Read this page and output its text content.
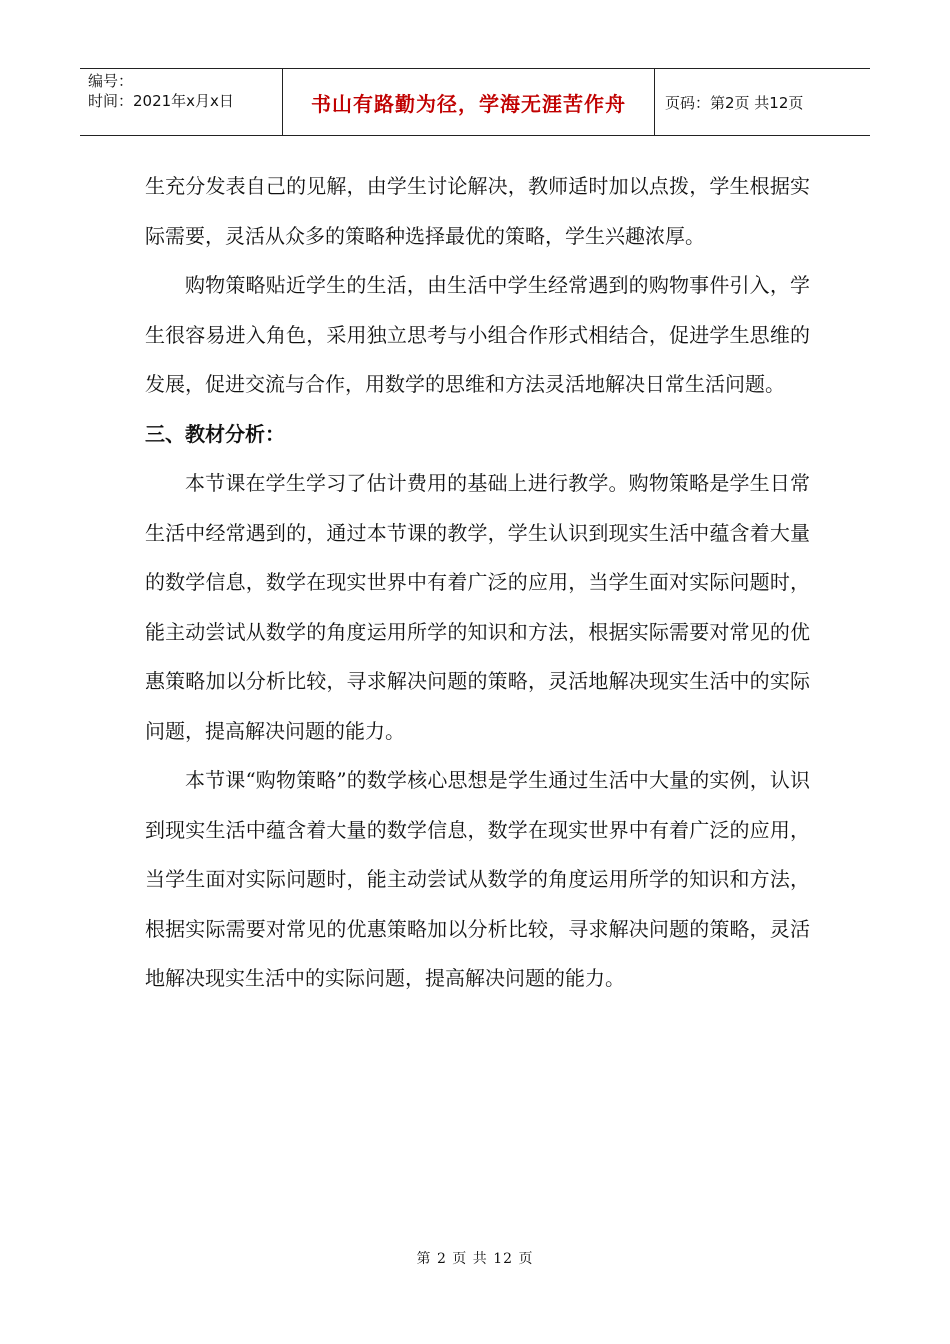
编号：
时间：2021年x月x日	书山有路勤为径，学海无涯苦作舟	页码：第2页 共12页

生充分发表自己的见解，由学生讨论解决，教师适时加以点拨，学生根据实际需要，灵活从众多的策略种选择最优的策略，学生兴趣浓厚。

购物策略贴近学生的生活，由生活中学生经常遇到的购物事件引入，学生很容易进入角色，采用独立思考与小组合作形式相结合，促进学生思维的发展，促进交流与合作，用数学的思维和方法灵活地解决日常生活问题。

三、教材分析：

本节课在学生学习了估计费用的基础上进行教学。购物策略是学生日常生活中经常遇到的，通过本节课的教学，学生认识到现实生活中蕴含着大量的数学信息，数学在现实世界中有着广泛的应用，当学生面对实际问题时，能主动尝试从数学的角度运用所学的知识和方法，根据实际需要对常见的优惠策略加以分析比较，寻求解决问题的策略，灵活地解决现实生活中的实际问题，提高解决问题的能力。

本节课“购物策略”的数学核心思想是学生通过生活中大量的实例，认识到现实生活中蕴含着大量的数学信息，数学在现实世界中有着广泛的应用，当学生面对实际问题时，能主动尝试从数学的角度运用所学的知识和方法，根据实际需要对常见的优惠策略加以分析比较，寻求解决问题的策略，灵活地解决现实生活中的实际问题，提高解决问题的能力。

第 2 页 共 12 页
